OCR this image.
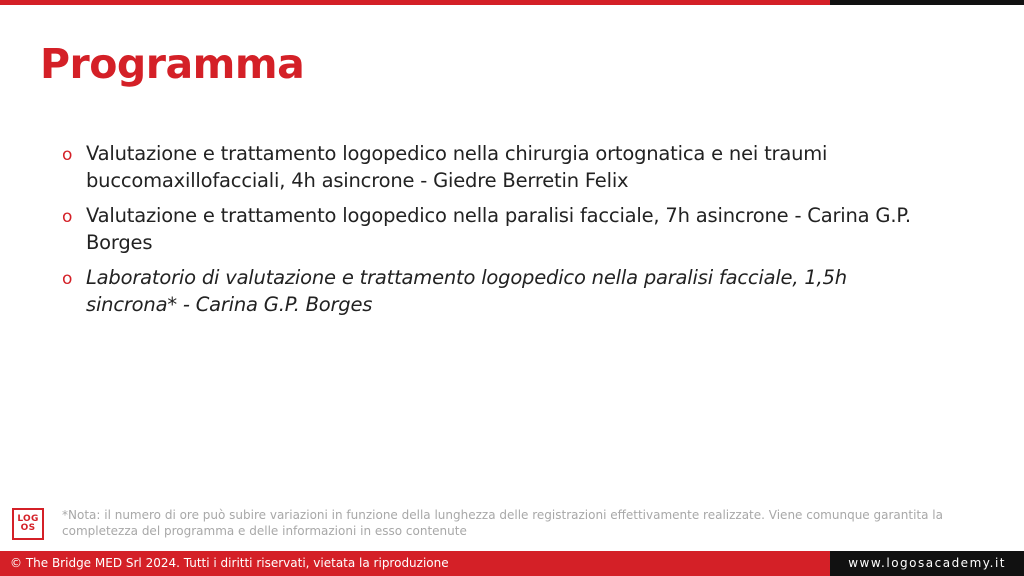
Programma
o Valutazione e trattamento logopedico nella chirurgia ortognatica e nei traumi buccomaxillofacciali, 4h asincrone - Giedre Berretin Felix
o Valutazione e trattamento logopedico nella paralisi facciale, 7h asincrone - Carina G.P. Borges
o Laboratorio di valutazione e trattamento logopedico nella paralisi facciale, 1,5h sincrona* - Carina G.P. Borges
LOG
OS

*Nota: il numero di ore può subire variazioni in funzione della lunghezza delle registrazioni effettivamente realizzate. Viene comunque garantita la completezza del programma e delle informazioni in esso contenute

© The Bridge MED Srl 2024. Tutti i diritti riservati, vietata la riproduzione	www.logosacademy.it
